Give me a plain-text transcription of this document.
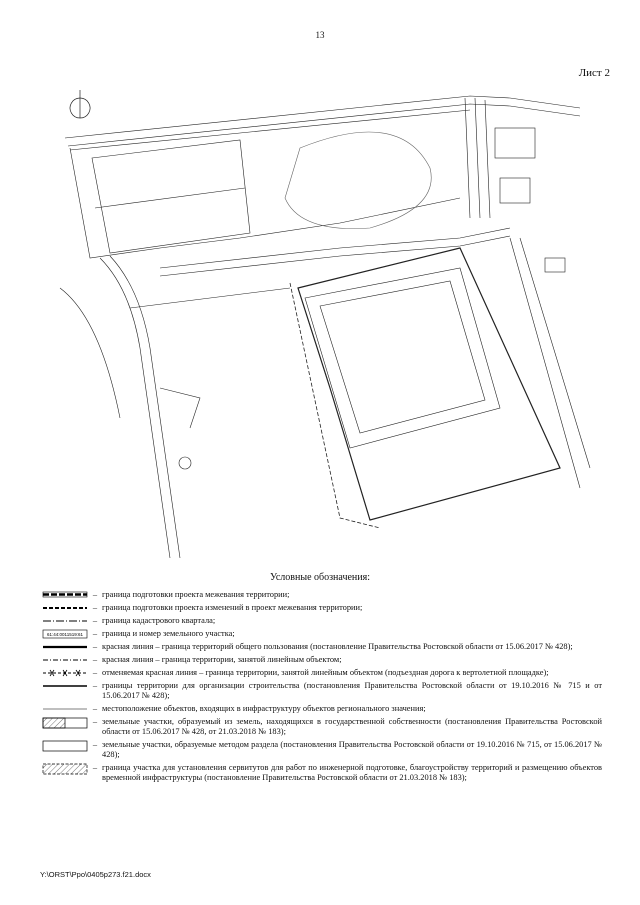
13
Лист 2
Условные обозначения:
– граница подготовки проекта межевания территории;
– граница подготовки проекта изменений в проект межевания территории;
– граница кадастрового квартала;
61:44:0011519:61	– граница и номер земельного участка;
– красная линия – граница территорий общего пользования (постановление Правительства Ростовской области от 15.06.2017 № 428);
– красная линия – граница территории, занятой линейным объектом;
– отменяемая красная линия – граница территории, занятой линейным объектом (подъездная дорога к вертолетной площадке);
– границы территории для организации строительства (постановления Правительства Ростовской области от 19.10.2016 № 715 и от 15.06.2017 № 428);
– местоположение объектов, входящих в инфраструктуру объектов регионального значения;
– земельные участки, образуемый из земель, находящихся в государственной собственности (постановления Правительства Ростовской области от 15.06.2017 № 428, от 21.03.2018 № 183);
– земельные участки, образуемые методом раздела (постановления Правительства Ростовской области от 19.10.2016 № 715, от 15.06.2017 № 428);
– граница участка для установления сервитутов для работ по инженерной подготовке, благоустройству территорий и размещению объектов временной инфраструктуры (постановление Правительства Ростовской области от 21.03.2018 № 183);
Y:\ORST\Ppo\0405p273.f21.docx
